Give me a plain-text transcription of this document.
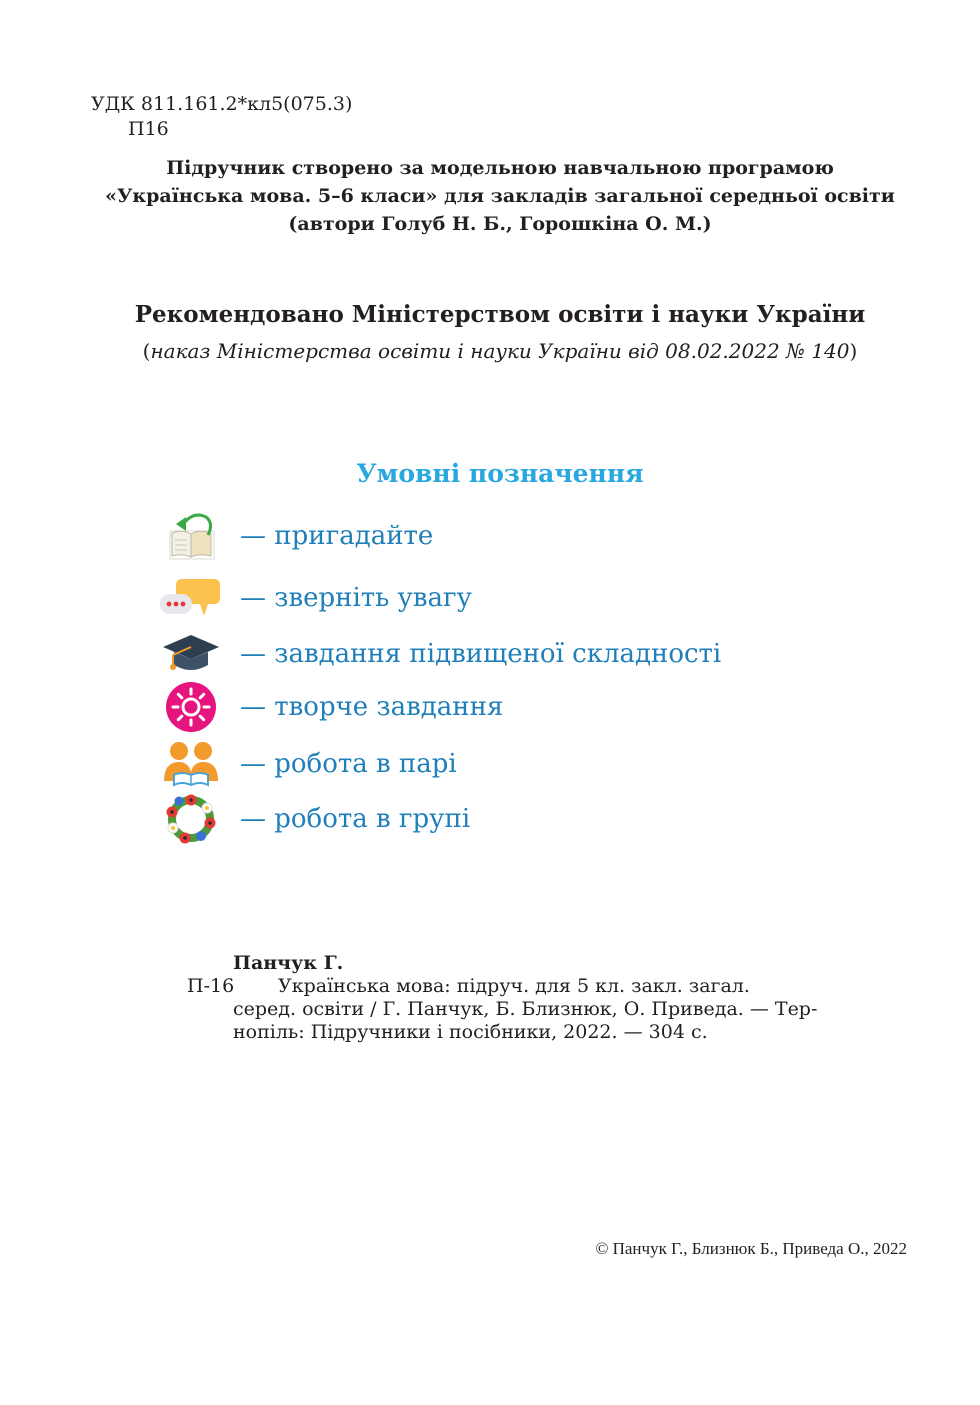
УДК 811.161.2*кл5(075.3)
П16
Підручник створено за модельною навчальною програмою
«Українська мова. 5–6 класи» для закладів загальної середньої освіти
(автори Голуб Н. Б., Горошкіна О. М.)
Рекомендовано Міністерством освіти і науки України
(наказ Міністерства освіти і науки України від 08.02.2022 № 140)
Умовні позначення
— пригадайте
— зверніть увагу
— завдання підвищеної складності
— творче завдання
— робота в парі
— робота в групі
Панчук Г.
П-16 Українська мова: підруч. для 5 кл. закл. загал.
серед. освіти / Г. Панчук, Б. Близнюк, О. Приведа. — Тер-
нопіль: Підручники і посібники, 2022. — 304 с.
© Панчук Г., Близнюк Б., Приведа О., 2022
